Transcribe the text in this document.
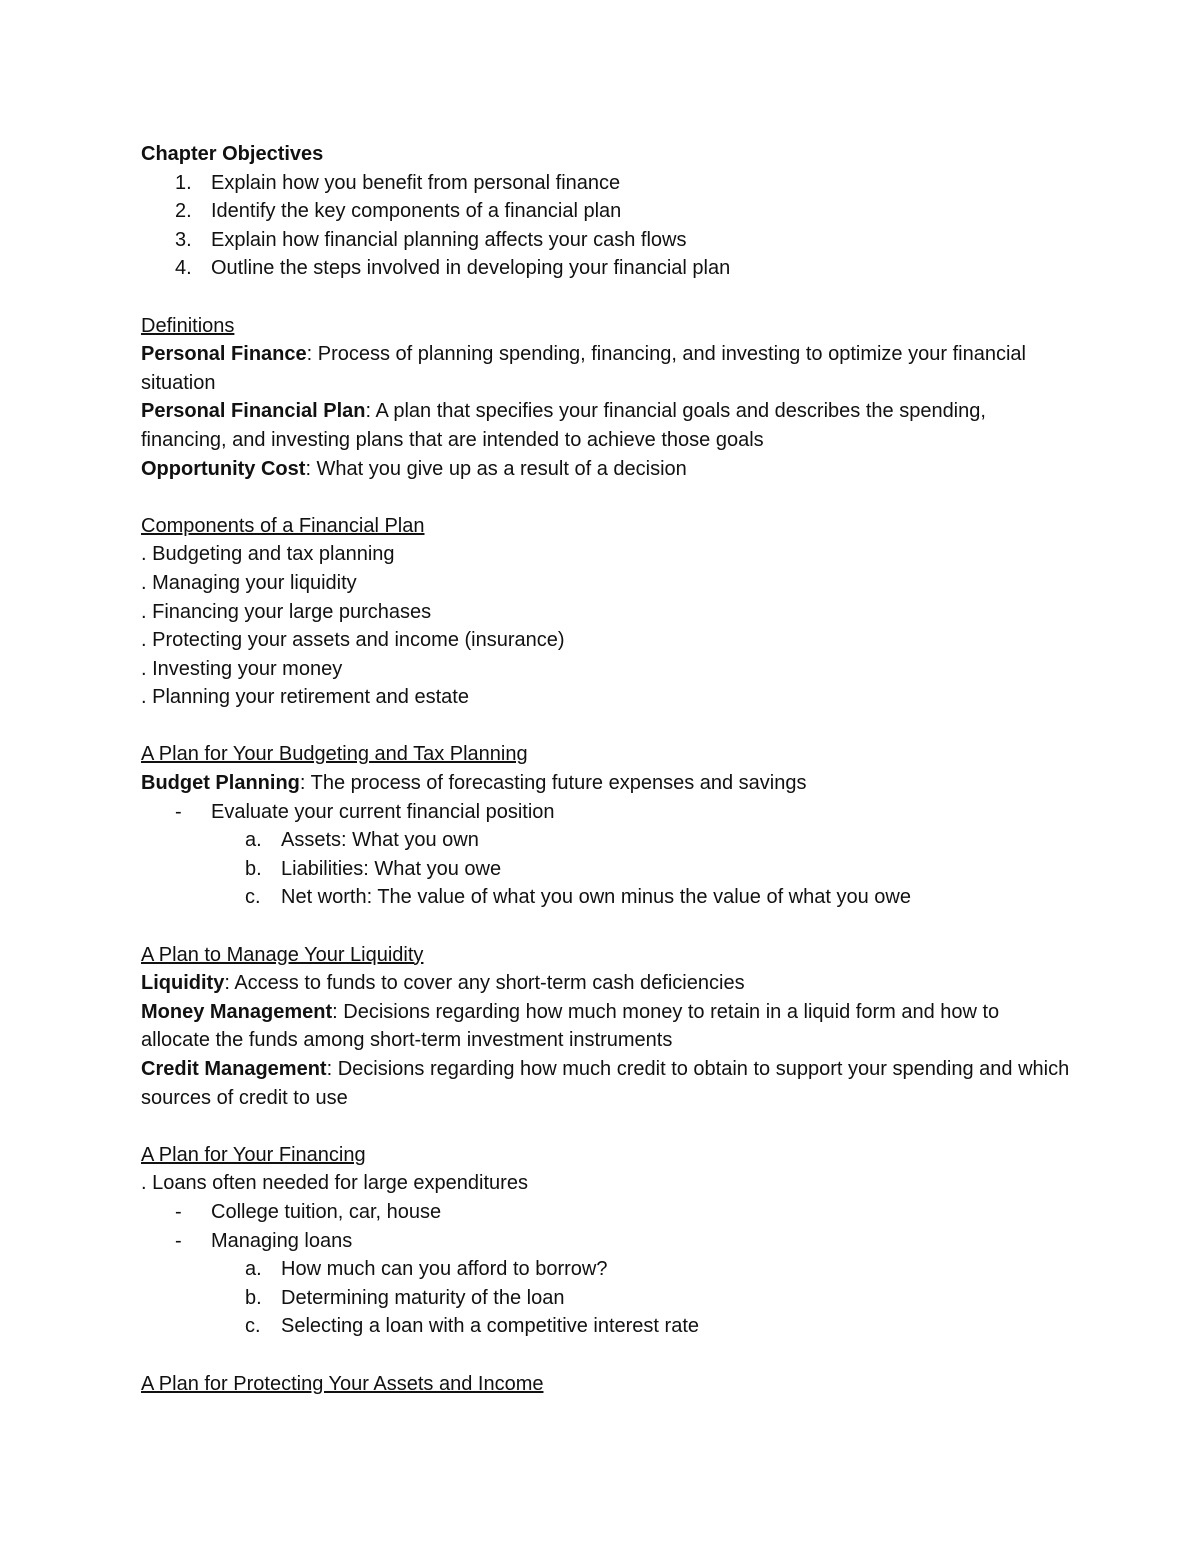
Chapter Objectives

1. Explain how you benefit from personal finance
2. Identify the key components of a financial plan
3. Explain how financial planning affects your cash flows
4. Outline the steps involved in developing your financial plan

Definitions

Personal Finance: Process of planning spending, financing, and investing to optimize your financial situation

Personal Financial Plan: A plan that specifies your financial goals and describes the spending, financing, and investing plans that are intended to achieve those goals

Opportunity Cost: What you give up as a result of a decision

Components of a Financial Plan

. Budgeting and tax planning

. Managing your liquidity

. Financing your large purchases

. Protecting your assets and income (insurance)

. Investing your money

. Planning your retirement and estate

A Plan for Your Budgeting and Tax Planning

Budget Planning: The process of forecasting future expenses and savings

- Evaluate your current financial position
a. Assets: What you own
b. Liabilities: What you owe
c. Net worth: The value of what you own minus the value of what you owe

A Plan to Manage Your Liquidity

Liquidity: Access to funds to cover any short-term cash deficiencies

Money Management: Decisions regarding how much money to retain in a liquid form and how to allocate the funds among short-term investment instruments

Credit Management: Decisions regarding how much credit to obtain to support your spending and which sources of credit to use

A Plan for Your Financing

. Loans often needed for large expenditures

- College tuition, car, house
- Managing loans
a. How much can you afford to borrow?
b. Determining maturity of the loan
c. Selecting a loan with a competitive interest rate

A Plan for Protecting Your Assets and Income
